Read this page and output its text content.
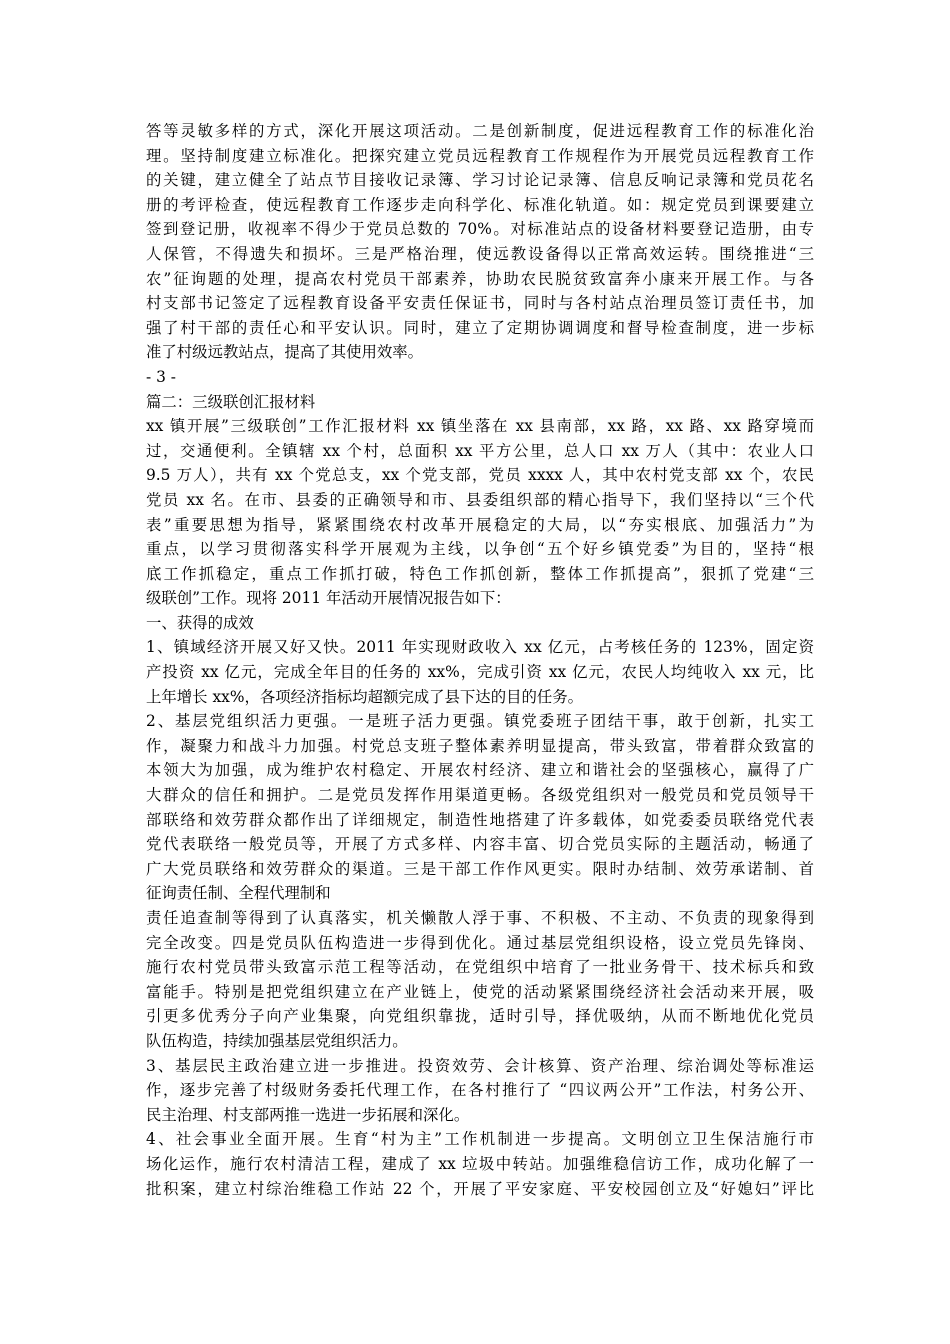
答等灵敏多样的方式，深化开展这项活动。二是创新制度，促进远程教育工作的标准化治
理。坚持制度建立标准化。把探究建立党员远程教育工作规程作为开展党员远程教育工作
的关键，建立健全了站点节目接收记录簿、学习讨论记录簿、信息反响记录簿和党员花名
册的考评检查，使远程教育工作逐步走向科学化、标准化轨道。如：规定党员到课要建立
签到登记册，收视率不得少于党员总数的 70%。对标准站点的设备材料要登记造册，由专
人保管，不得遗失和损坏。三是严格治理，使远教设备得以正常高效运转。围绕推进“三
农”征询题的处理，提高农村党员干部素养，协助农民脱贫致富奔小康来开展工作。与各
村支部书记签定了远程教育设备平安责任保证书，同时与各村站点治理员签订责任书，加
强了村干部的责任心和平安认识。同时，建立了定期协调调度和督导检查制度，进一步标
准了村级远教站点，提高了其使用效率。
- 3 -
篇二：三级联创汇报材料
xx 镇开展”三级联创”工作汇报材料 xx 镇坐落在 xx 县南部，xx 路，xx 路、xx 路穿境而
过，交通便利。全镇辖 xx 个村，总面积 xx 平方公里，总人口 xx 万人（其中：农业人口
9.5 万人），共有 xx 个党总支，xx 个党支部，党员 xxxx 人，其中农村党支部 xx 个，农民
党员 xx 名。在市、县委的正确领导和市、县委组织部的精心指导下，我们坚持以“三个代
表”重要思想为指导，紧紧围绕农村改革开展稳定的大局，以“夯实根底、加强活力”为
重点，以学习贯彻落实科学开展观为主线，以争创“五个好乡镇党委”为目的，坚持“根
底工作抓稳定，重点工作抓打破，特色工作抓创新，整体工作抓提高”，狠抓了党建“三
级联创”工作。现将 2011 年活动开展情况报告如下：
一、获得的成效
1、镇域经济开展又好又快。2011 年实现财政收入 xx 亿元，占考核任务的 123%，固定资
产投资 xx 亿元，完成全年目的任务的 xx%，完成引资 xx 亿元，农民人均纯收入 xx 元，比
上年增长 xx%，各项经济指标均超额完成了县下达的目的任务。
2、基层党组织活力更强。一是班子活力更强。镇党委班子团结干事，敢于创新，扎实工
作，凝聚力和战斗力加强。村党总支班子整体素养明显提高，带头致富，带着群众致富的
本领大为加强，成为维护农村稳定、开展农村经济、建立和谐社会的坚强核心，赢得了广
大群众的信任和拥护。二是党员发挥作用渠道更畅。各级党组织对一般党员和党员领导干
部联络和效劳群众都作出了详细规定，制造性地搭建了许多载体，如党委委员联络党代表
党代表联络一般党员等，开展了方式多样、内容丰富、切合党员实际的主题活动，畅通了
广大党员联络和效劳群众的渠道。三是干部工作作风更实。限时办结制、效劳承诺制、首
征询责任制、全程代理制和
责任追查制等得到了认真落实，机关懒散人浮于事、不积极、不主动、不负责的现象得到
完全改变。四是党员队伍构造进一步得到优化。通过基层党组织设格，设立党员先锋岗、
施行农村党员带头致富示范工程等活动，在党组织中培育了一批业务骨干、技术标兵和致
富能手。特别是把党组织建立在产业链上，使党的活动紧紧围绕经济社会活动来开展，吸
引更多优秀分子向产业集聚，向党组织靠拢，适时引导，择优吸纳，从而不断地优化党员
队伍构造，持续加强基层党组织活力。
3、基层民主政治建立进一步推进。投资效劳、会计核算、资产治理、综治调处等标准运
作，逐步完善了村级财务委托代理工作，在各村推行了 “四议两公开”工作法，村务公开、
民主治理、村支部两推一选进一步拓展和深化。
4、社会事业全面开展。生育“村为主”工作机制进一步提高。文明创立卫生保洁施行市
场化运作，施行农村清洁工程，建成了 xx 垃圾中转站。加强维稳信访工作，成功化解了一
批积案，建立村综治维稳工作站 22 个，开展了平安家庭、平安校园创立及“好媳妇”评比
